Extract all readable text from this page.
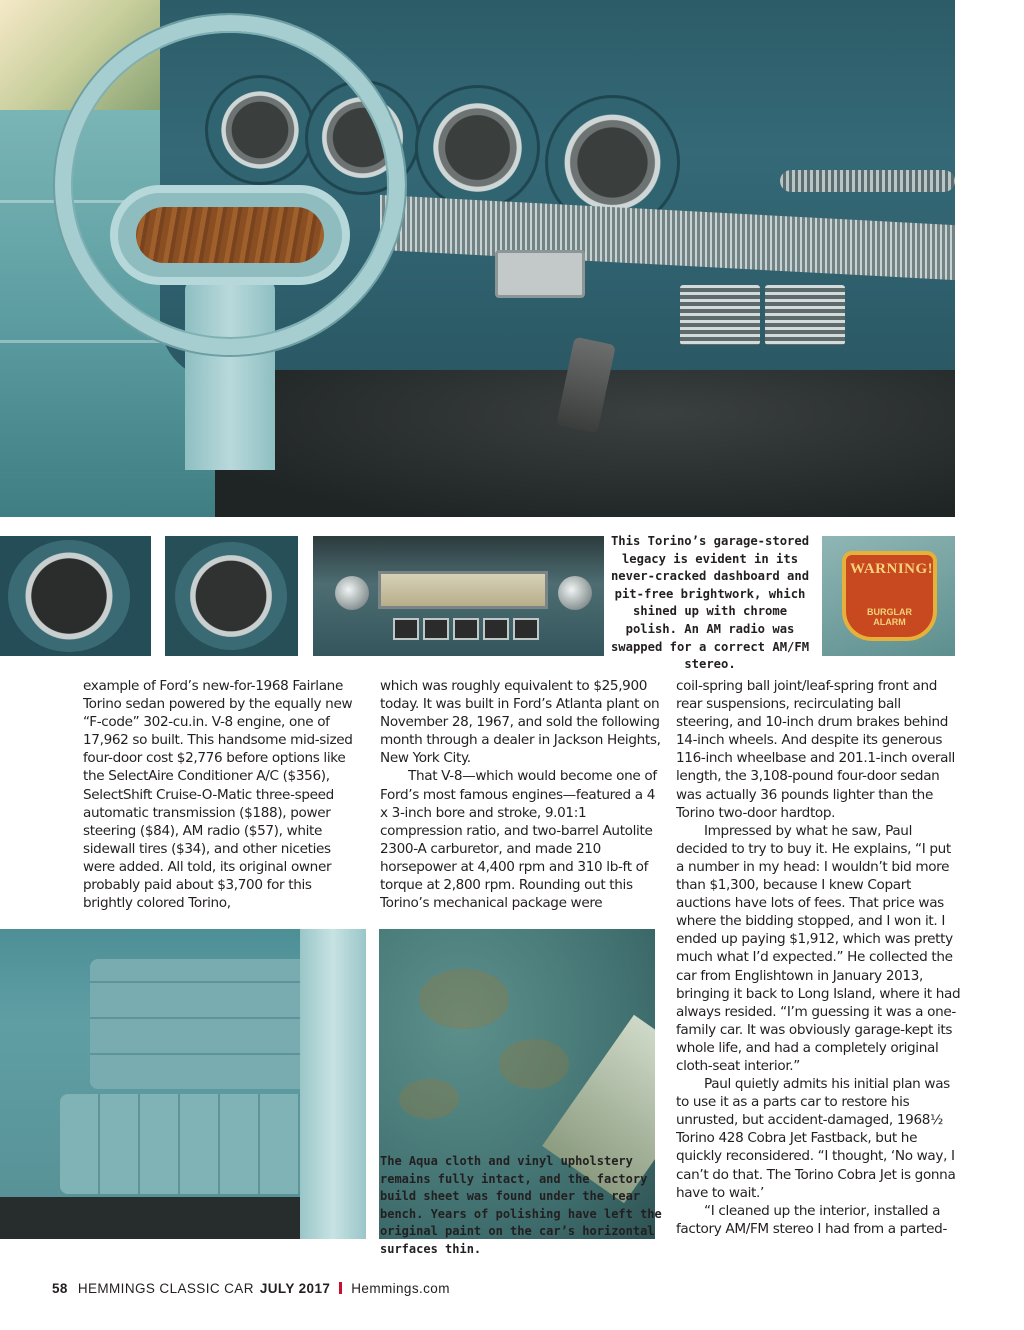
WARNING!
BURGLAR ALARM
This Torino’s garage-stored legacy is evident in its never-cracked dashboard and pit-free brightwork, which shined up with chrome polish. An AM radio was swapped for a correct AM/FM stereo.

example of Ford’s new-for-1968 Fairlane Torino sedan powered by the equally new “F-code” 302-cu.in. V-8 engine, one of 17,962 so built. This handsome mid-sized four-door cost $2,776 before options like the SelectAire Conditioner A/C ($356), SelectShift Cruise-O-Matic three-speed automatic transmission ($188), power steering ($84), AM radio ($57), white sidewall tires ($34), and other niceties were added. All told, its original owner probably paid about $3,700 for this brightly colored Torino,

which was roughly equivalent to $25,900 today. It was built in Ford’s Atlanta plant on November 28, 1967, and sold the following month through a dealer in Jackson Heights, New York City.

That V-8—which would become one of Ford’s most famous engines—featured a 4 x 3-inch bore and stroke, 9.01:1 compression ratio, and two-barrel Autolite 2300-A carburetor, and made 210 horsepower at 4,400 rpm and 310 lb-ft of torque at 2,800 rpm. Rounding out this Torino’s mechanical package were

coil-spring ball joint/leaf-spring front and rear suspensions, recirculating ball steering, and 10-inch drum brakes behind 14-inch wheels. And despite its generous 116-inch wheelbase and 201.1-inch overall length, the 3,108-pound four-door sedan was actually 36 pounds lighter than the Torino two-door hardtop.

Impressed by what he saw, Paul decided to try to buy it. He explains, “I put a number in my head: I wouldn’t bid more than $1,300, because I knew Copart auctions have lots of fees. That price was where the bidding stopped, and I won it. I ended up paying $1,912, which was pretty much what I’d expected.” He collected the car from Englishtown in January 2013, bringing it back to Long Island, where it had always resided. “I’m guessing it was a one-family car. It was obviously garage-kept its whole life, and had a completely original cloth-seat interior.”

Paul quietly admits his initial plan was to use it as a parts car to restore his unrusted, but accident-damaged, 1968½ Torino 428 Cobra Jet Fastback, but he quickly reconsidered. “I thought, ‘No way, I can’t do that. The Torino Cobra Jet is gonna have to wait.’

“I cleaned up the interior, installed a factory AM/FM stereo I had from a parted-

The Aqua cloth and vinyl upholstery remains fully intact, and the factory build sheet was found under the rear bench. Years of polishing have left the original paint on the car’s horizontal surfaces thin.
58 HEMMINGS CLASSIC CAR JULY 2017 Hemmings.com
